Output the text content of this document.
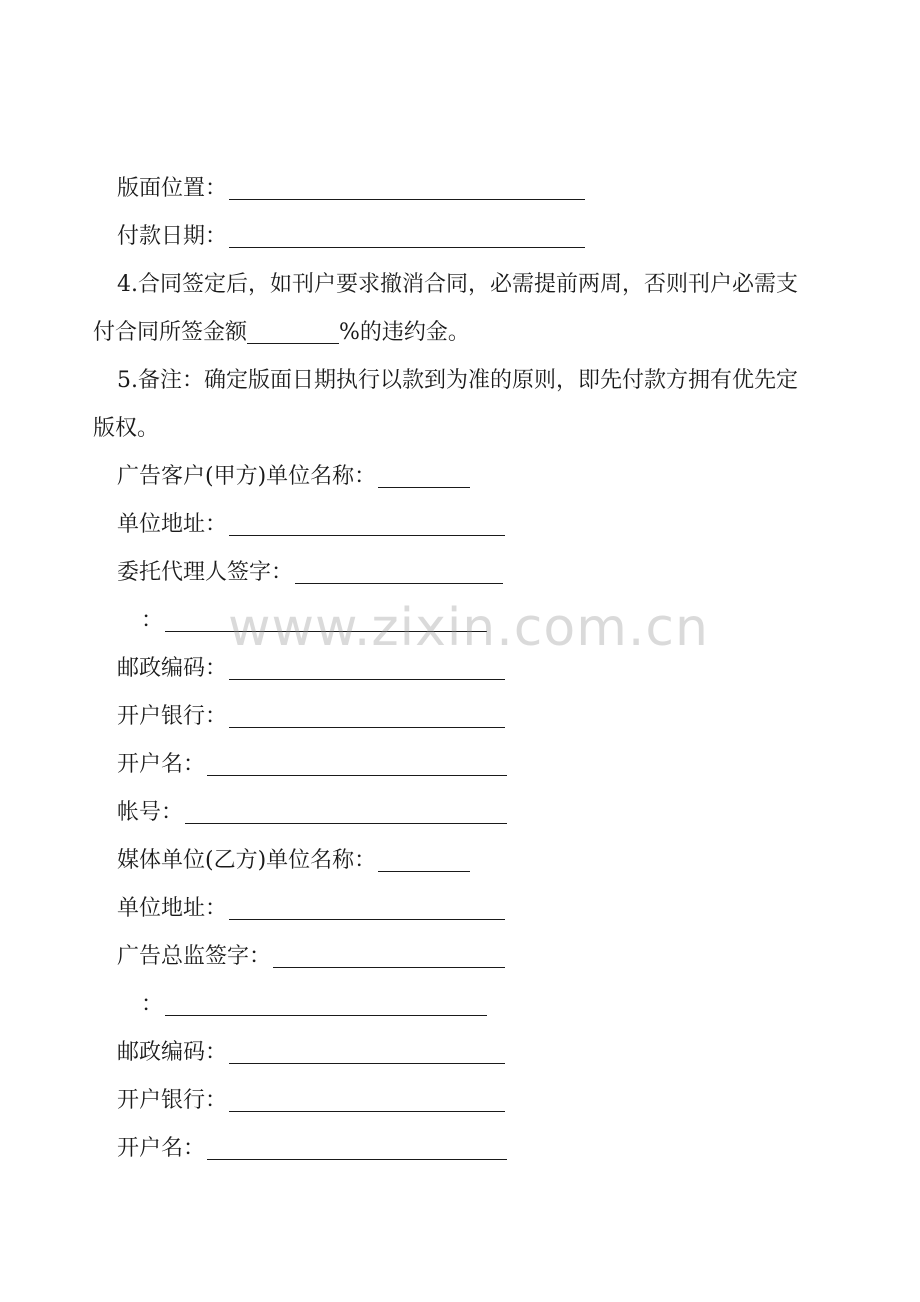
版面位置：
付款日期：
4.合同签定后，如刊户要求撤消合同，必需提前两周，否则刊户必需支
付合同所签金额	%的违约金。
5.备注：确定版面日期执行以款到为准的原则，即先付款方拥有优先定
版权。
广告客户(甲方)单位名称：
单位地址：
委托代理人签字：
：
邮政编码：
开户银行：
开户名：
帐号：
媒体单位(乙方)单位名称：
单位地址：
广告总监签字：
：
邮政编码：
开户银行：
开户名：
www.zixin.com.cn
